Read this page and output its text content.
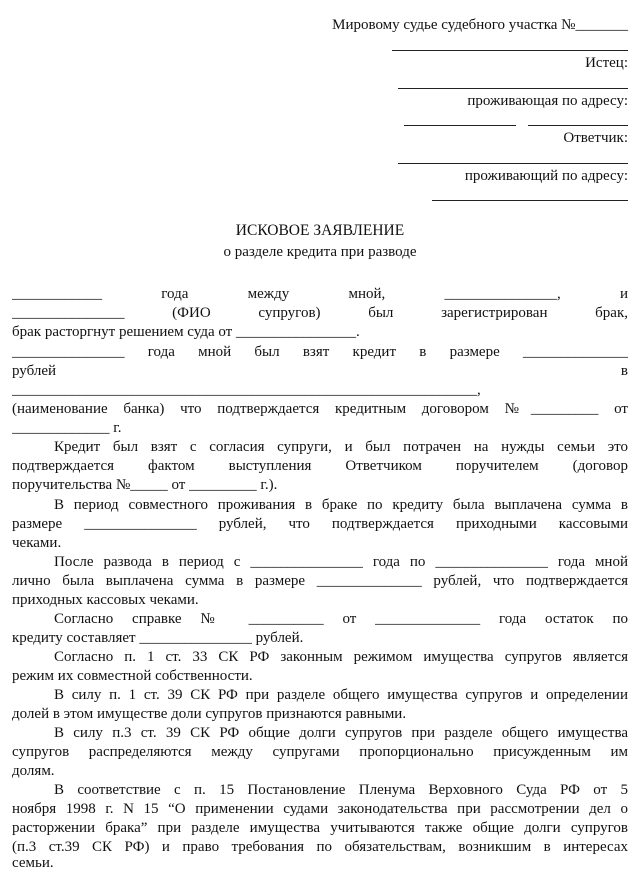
Мировому судье судебного участка №_______
Истец:
проживающая по адресу:
Ответчик:
проживающий по адресу:
ИСКОВОЕ ЗАЯВЛЕНИЕ
о разделе кредита при разводе
____________ года между мной, _______________, и
_______________ (ФИО супругов) был зарегистрирован брак,
брак расторгнут решением суда от ________________.
_______________ года мной был взят кредит в размере ______________
рублей в
______________________________________________________________,
(наименование банка) что подтверждается кредитным договором №_________ от
_____________ г.
Кредит был взят с согласия супруги, и был потрачен на нужды семьи это
подтверждается фактом выступления Ответчиком поручителем (договор
поручительства №_____ от _________ г.).
В период совместного проживания в браке по кредиту была выплачена сумма в
размере _______________ рублей, что подтверждается приходными кассовыми
чеками.
После развода в период с _______________ года по _______________ года мной
лично была выплачена сумма в размере ______________ рублей, что подтверждается
приходных кассовых чеками.
Согласно справке № __________ от ______________ года остаток по
кредиту составляет _______________ рублей.
Согласно п. 1 ст. 33 СК РФ законным режимом имущества супругов является
режим их совместной собственности.
В силу п. 1 ст. 39 СК РФ при разделе общего имущества супругов и определении
долей в этом имуществе доли супругов признаются равными.
В силу п.3 ст. 39 СК РФ общие долги супругов при разделе общего имущества
супругов распределяются между супругами пропорционально присужденным им
долям.
В соответствие с п. 15 Постановление Пленума Верховного Суда РФ от 5
ноября 1998 г. N 15 “О применении судами законодательства при рассмотрении дел о
расторжении брака” при разделе имущества учитываются также общие долги супругов
(п.3 ст.39 СК РФ) и право требования по обязательствам, возникшим в интересах
семьи.
